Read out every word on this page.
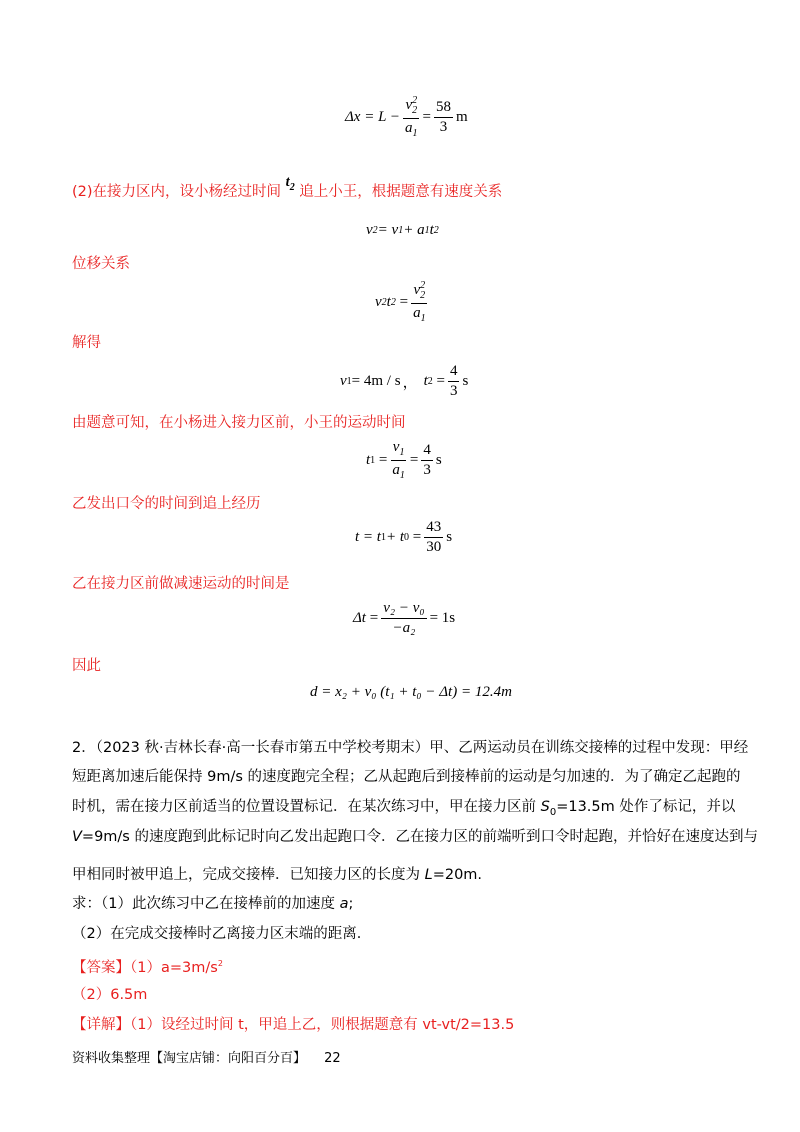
$\Delta x = L - \frac{v^2_2}{a_1} = \frac{58}{3}$ m
(2)在接力区内，设小杨经过时间 $t_2$ 追上小王，根据题意有速度关系
v 2 = v 1 + a 1 t 2
位移关系
v 2 t $2 = \frac{v^2_2}{a_1}$
解得
v 1 = 4m / s ， t $2 = \frac{4}{3}$ s
由题意可知，在小杨进入接力区前，小王的运动时间
t $1 = \frac{v_1}{a_1} = \frac{4}{3}$ s
乙发出口令的时间到追上经历
t = t 1 + t $0 = \frac{43}{30}$ s
乙在接力区前做减速运动的时间是
$\Delta t = \frac{\text{v₂ − v₀}}{\text{−a₂}} = 1s$
因此
d = x₂ + v₀ (t₁ + t₀ − Δt) = 12.4m
2．（2023 秋·吉林长春·高一长春市第五中学校考期末）甲、乙两运动员在训练交接棒的过程中发现：甲经
短距离加速后能保持 9m/s 的速度跑完全程；乙从起跑后到接棒前的运动是匀加速的．为了确定乙起跑的
时机，需在接力区前适当的位置设置标记．在某次练习中，甲在接力区前 $S_0=13.5m$ 处作了标记，并以
V=9m/s 的速度跑到此标记时向乙发出起跑口令．乙在接力区的前端听到口令时起跑，并恰好在速度达到与
甲相同时被甲追上，完成交接棒．已知接力区的长度为 L=20m.
求：（1）此次练习中乙在接棒前的加速度 a;
（2）在完成交接棒时乙离接力区末端的距离．
【答案】$(1)a=3m/s^2$
（2）6.5m
【详解】（1）设经过时间 t，甲追上乙，则根据题意有 vt-vt/2=13.5
资料收集整理【淘宝店铺：向阳百分百】 22
